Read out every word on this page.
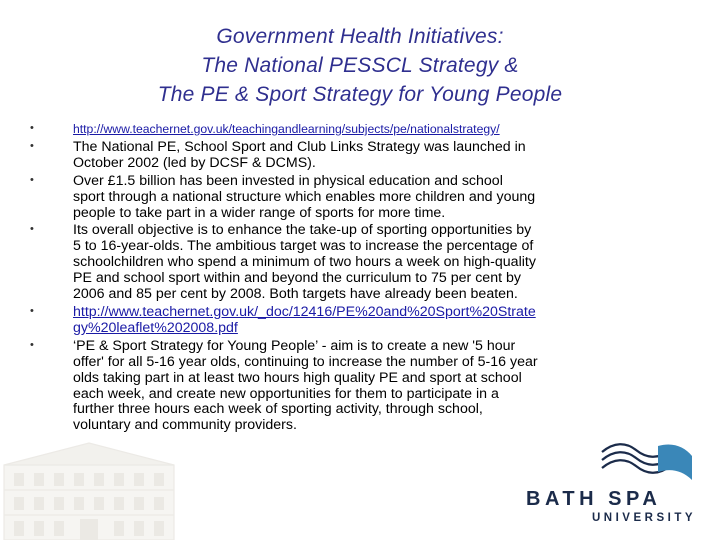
Government Health Initiatives:
The National PESSCL Strategy &
The PE & Sport Strategy for Young People
•	http://www.teachernet.gov.uk/teachingandlearning/subjects/pe/nationalstrategy/
•	The National PE, School Sport and Club Links Strategy was launched in
October 2002 (led by DCSF & DCMS).
•	Over £1.5 billion has been invested in physical education and school
sport through a national structure which enables more children and young
people to take part in a wider range of sports for more time.
•	Its overall objective is to enhance the take-up of sporting opportunities by
5 to 16-year-olds. The ambitious target was to increase the percentage of
schoolchildren who spend a minimum of two hours a week on high-quality
PE and school sport within and beyond the curriculum to 75 per cent by
2006 and 85 per cent by 2008. Both targets have already been beaten.
•	http://www.teachernet.gov.uk/_doc/12416/PE%20and%20Sport%20Strate
gy%20leaflet%202008.pdf
•	‘PE & Sport Strategy for Young People’ - aim is to create a new '5 hour
offer' for all 5-16 year olds, continuing to increase the number of 5-16 year
olds taking part in at least two hours high quality PE and sport at school
each week, and create new opportunities for them to participate in a
further three hours each week of sporting activity, through school,
voluntary and community providers.
BATH SPA
UNIVERSITY
